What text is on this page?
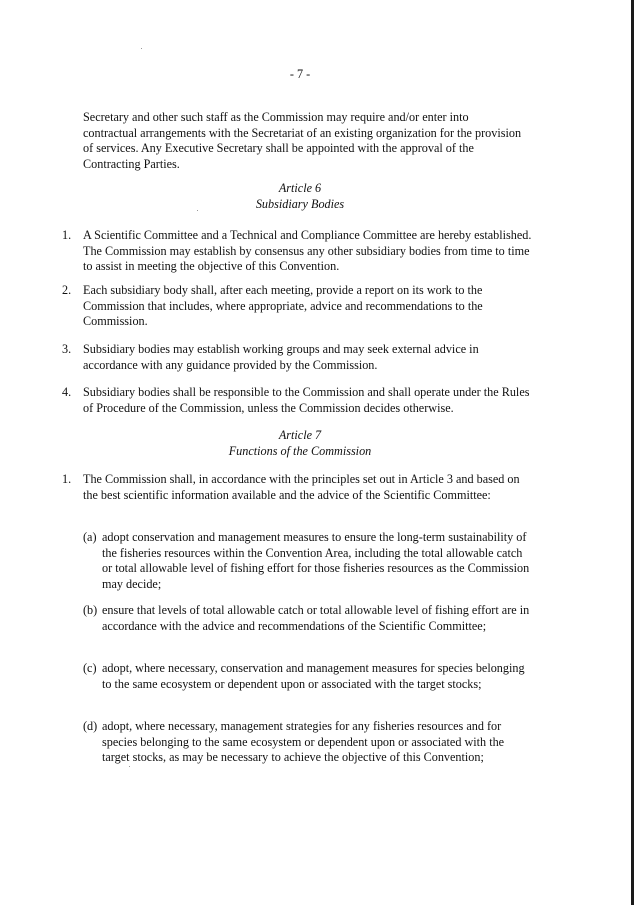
- 7 -

Secretary and other such staff as the Commission may require and/or enter into contractual arrangements with the Secretariat of an existing organization for the provision of services. Any Executive Secretary shall be appointed with the approval of the Contracting Parties.

Article 6
Subsidiary Bodies
1. A Scientific Committee and a Technical and Compliance Committee are hereby established. The Commission may establish by consensus any other subsidiary bodies from time to time to assist in meeting the objective of this Convention.
2. Each subsidiary body shall, after each meeting, provide a report on its work to the Commission that includes, where appropriate, advice and recommendations to the Commission.
3. Subsidiary bodies may establish working groups and may seek external advice in accordance with any guidance provided by the Commission.
4. Subsidiary bodies shall be responsible to the Commission and shall operate under the Rules of Procedure of the Commission, unless the Commission decides otherwise.
Article 7
Functions of the Commission
1. The Commission shall, in accordance with the principles set out in Article 3 and based on the best scientific information available and the advice of the Scientific Committee:
(a) adopt conservation and management measures to ensure the long-term sustainability of the fisheries resources within the Convention Area, including the total allowable catch or total allowable level of fishing effort for those fisheries resources as the Commission may decide;
(b) ensure that levels of total allowable catch or total allowable level of fishing effort are in accordance with the advice and recommendations of the Scientific Committee;
(c) adopt, where necessary, conservation and management measures for species belonging to the same ecosystem or dependent upon or associated with the target stocks;
(d) adopt, where necessary, management strategies for any fisheries resources and for species belonging to the same ecosystem or dependent upon or associated with the target stocks, as may be necessary to achieve the objective of this Convention;
